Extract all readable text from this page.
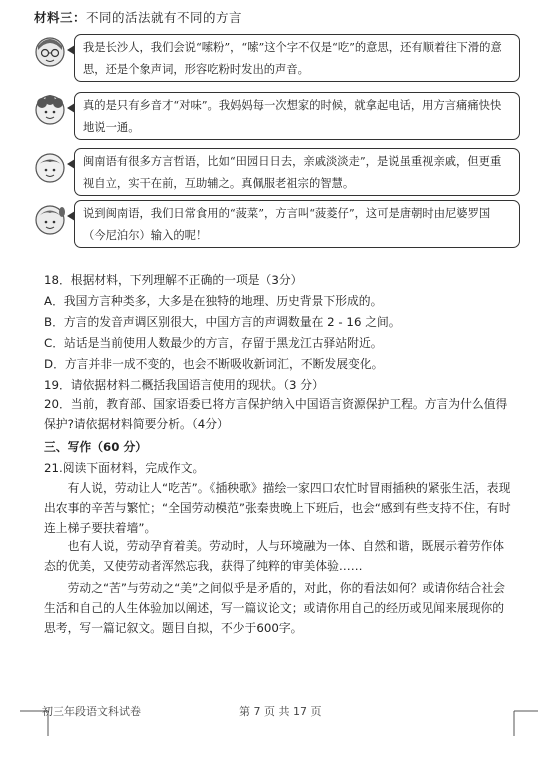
材料三：不同的活法就有不同的方言
我是长沙人，我们会说“嗦粉”，“嗦”这个字不仅是“吃”的意思，还有顺着往下滑的意思，还是个象声词，形容吃粉时发出的声音。
真的是只有乡音才“对味”。我妈妈每一次想家的时候，就拿起电话，用方言痛痛快快地说一通。
闽南语有很多方言哲语，比如“田园日日去，亲戚淡淡走”，是说虽重视亲戚，但更重视自立，实干在前，互助辅之。真佩服老祖宗的智慧。
说到闽南语，我们日常食用的“菠菜”，方言叫“菠菱仔”，这可是唐朝时由尼婆罗国（今尼泊尔）输入的呢！
18．根据材料，下列理解不正确的一项是（3分）
A．我国方言种类多，大多是在独特的地理、历史背景下形成的。
B．方言的发音声调区别很大，中国方言的声调数量在 2 - 16 之间。
C．站话是当前使用人数最少的方言，存留于黑龙江古驿站附近。
D．方言并非一成不变的，也会不断吸收新词汇，不断发展变化。
19．请依据材料二概括我国语言使用的现状。（3 分）
20．当前，教育部、国家语委已将方言保护纳入中国语言资源保护工程。方言为什么值得保护?请依据材料简要分析。（4分）
三、写作（60 分）
21.阅读下面材料，完成作文。
有人说，劳动让人“吃苦”。《插秧歌》描绘一家四口农忙时冒雨插秧的紧张生活，表现出农事的辛苦与繁忙；“全国劳动模范”张秦贵晚上下班后，也会“感到有些支持不住，有时连上梯子要扶着墙”。
也有人说，劳动孕育着美。劳动时，人与环境融为一体、自然和谐，既展示着劳作体态的优美，又使劳动者浑然忘我，获得了纯粹的审美体验……
劳动之“苦”与劳动之“美”之间似乎是矛盾的，对此，你的看法如何？或请你结合社会生活和自己的人生体验加以阐述，写一篇议论文；或请你用自己的经历或见闻来展现你的思考，写一篇记叙文。题目自拟，不少于600字。
初三年段语文科试卷	第 7 页 共 17 页
